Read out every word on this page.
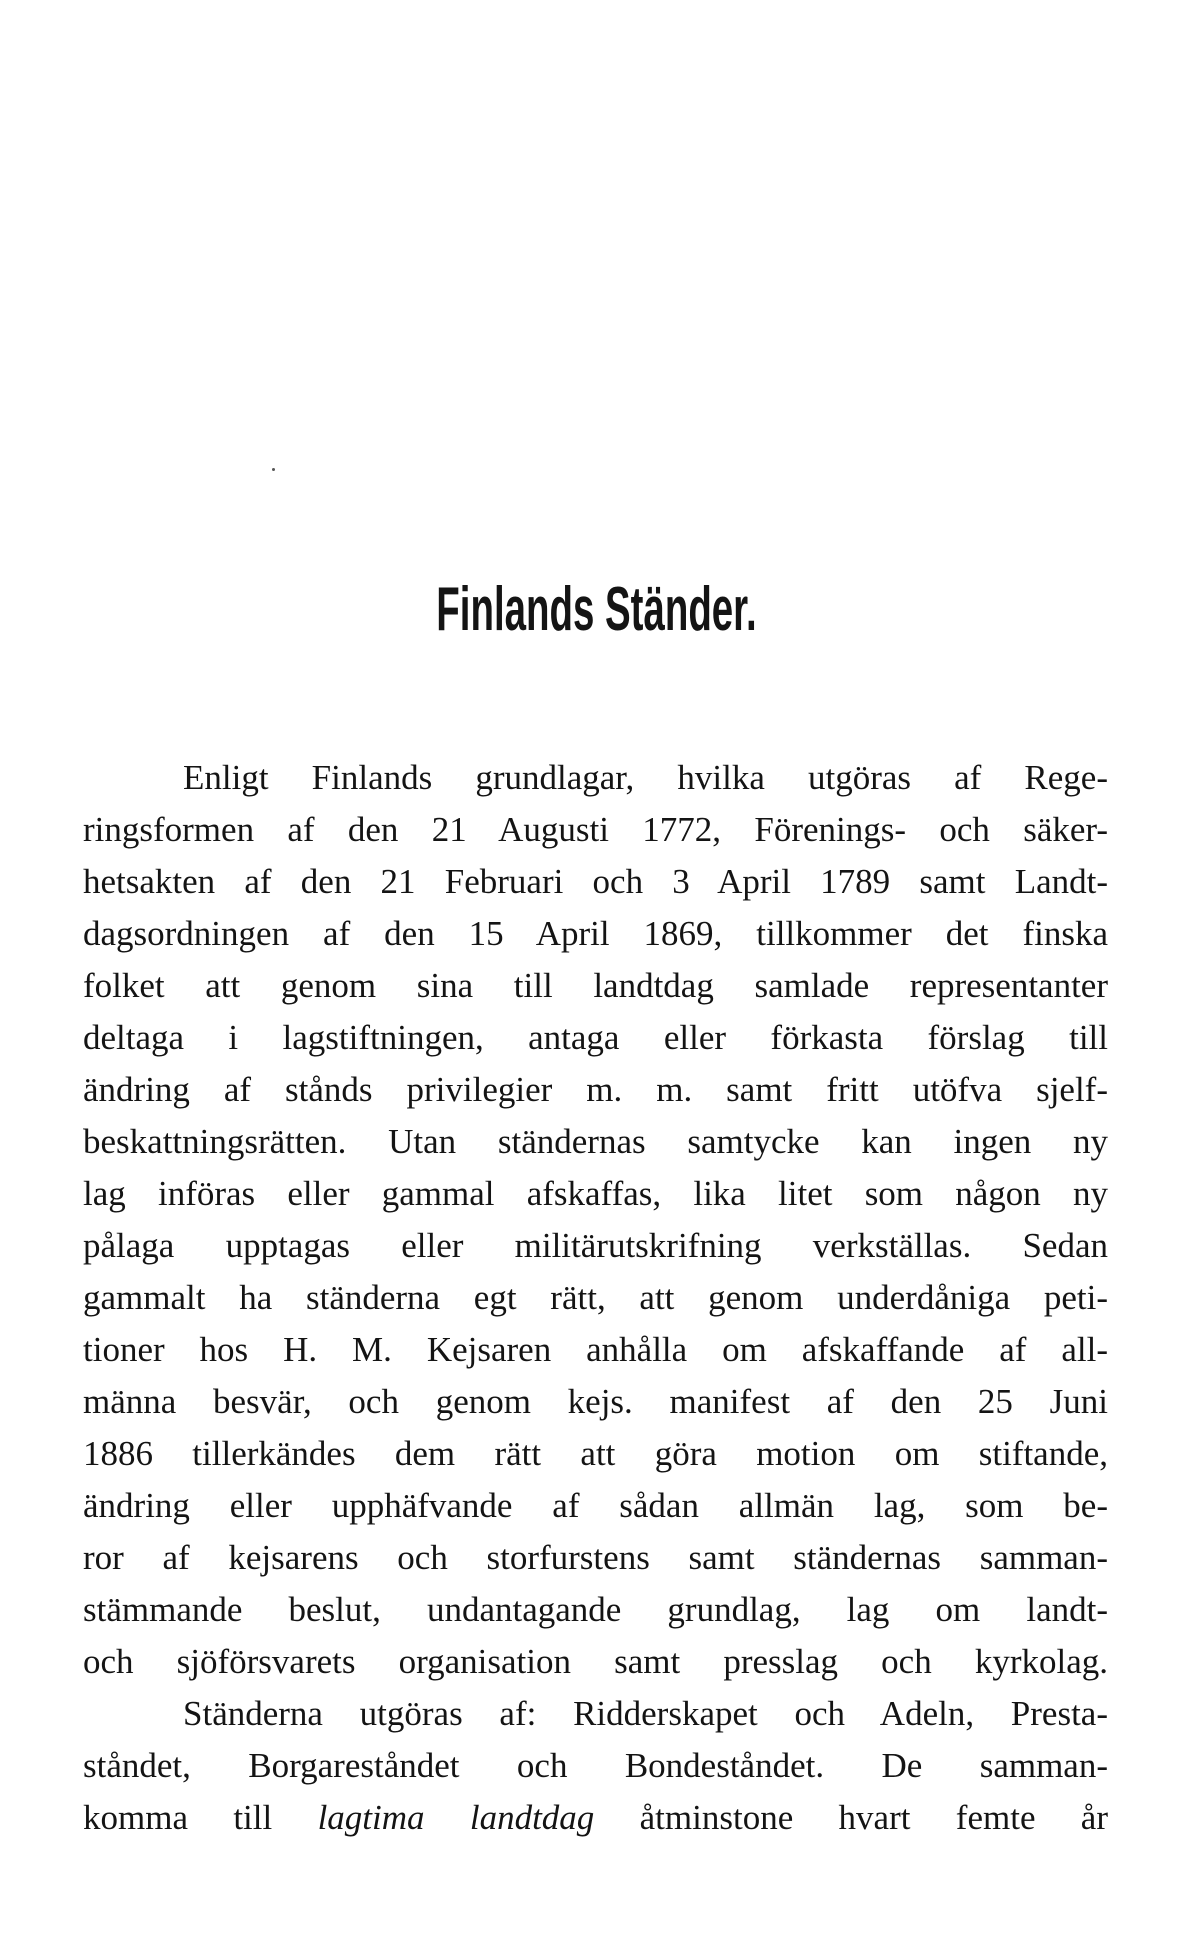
Finlands Ständer.
Enligt Finlands grundlagar, hvilka utgöras af Rege-
ringsformen af den 21 Augusti 1772, Förenings- och säker-
hetsakten af den 21 Februari och 3 April 1789 samt Landt-
dagsordningen af den 15 April 1869, tillkommer det finska
folket att genom sina till landtdag samlade representanter
deltaga i lagstiftningen, antaga eller förkasta förslag till
ändring af stånds privilegier m. m. samt fritt utöfva sjelf-
beskattningsrätten. Utan ständernas samtycke kan ingen ny
lag införas eller gammal afskaffas, lika litet som någon ny
pålaga upptagas eller militärutskrifning verkställas. Sedan
gammalt ha ständerna egt rätt, att genom underdåniga peti-
tioner hos H. M. Kejsaren anhålla om afskaffande af all-
männa besvär, och genom kejs. manifest af den 25 Juni
1886 tillerkändes dem rätt att göra motion om stiftande,
ändring eller upphäfvande af sådan allmän lag, som be-
ror af kejsarens och storfurstens samt ständernas samman-
stämmande beslut, undantagande grundlag, lag om landt-
och sjöförsvarets organisation samt presslag och kyrkolag.
Ständerna utgöras af: Ridderskapet och Adeln, Presta-
ståndet, Borgareståndet och Bondeståndet. De samman-
komma till lagtima landtdag åtminstone hvart femte år
